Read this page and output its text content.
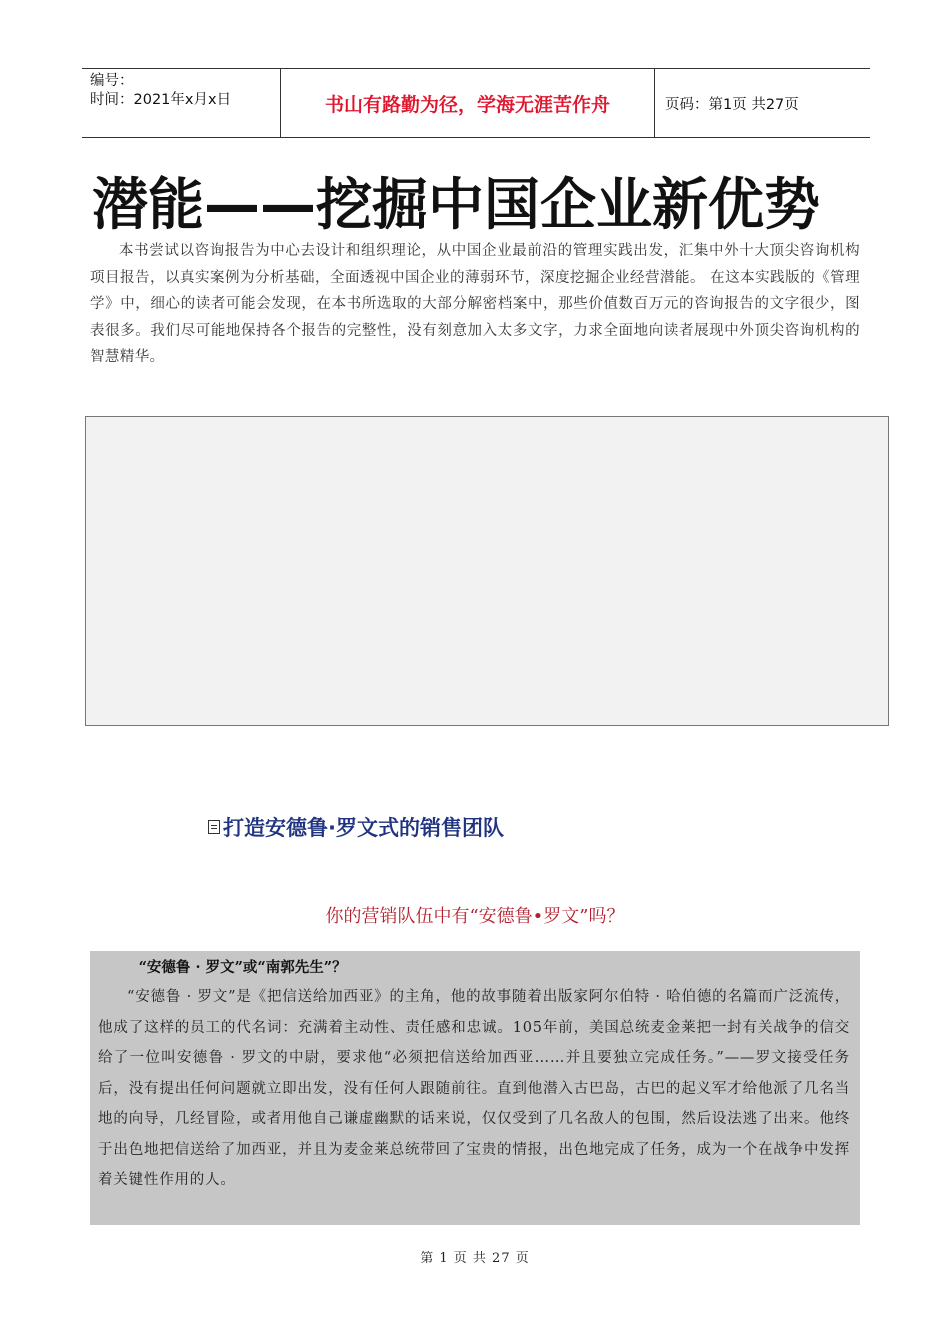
编号：
时间：2021年x月x日	书山有路勤为径，学海无涯苦作舟	页码：第1页 共27页
潜能——挖掘中国企业新优势

本书尝试以咨询报告为中心去设计和组织理论，从中国企业最前沿的管理实践出发，汇集中外十大顶尖咨询机构项目报告，以真实案例为分析基础，全面透视中国企业的薄弱环节，深度挖掘企业经营潜能。 在这本实践版的《管理学》中，细心的读者可能会发现，在本书所选取的大部分解密档案中，那些价值数百万元的咨询报告的文字很少，图表很多。我们尽可能地保持各个报告的完整性，没有刻意加入太多文字，力求全面地向读者展现中外顶尖咨询机构的智慧精华。

打造安德鲁·罗文式的销售团队

你的营销队伍中有“安德鲁•罗文”吗？

“安德鲁 · 罗文”或“南郭先生”？

“安德鲁 · 罗文”是《把信送给加西亚》的主角，他的故事随着出版家阿尔伯特 · 哈伯德的名篇而广泛流传，他成了这样的员工的代名词：充满着主动性、责任感和忠诚。105年前，美国总统麦金莱把一封有关战争的信交给了一位叫安德鲁 · 罗文的中尉，要求他“必须把信送给加西亚……并且要独立完成任务。”——罗文接受任务后，没有提出任何问题就立即出发，没有任何人跟随前往。直到他潜入古巴岛，古巴的起义军才给他派了几名当地的向导，几经冒险，或者用他自己谦虚幽默的话来说，仅仅受到了几名敌人的包围，然后设法逃了出来。他终于出色地把信送给了加西亚，并且为麦金莱总统带回了宝贵的情报，出色地完成了任务，成为一个在战争中发挥着关键性作用的人。

第 1 页 共 27 页
